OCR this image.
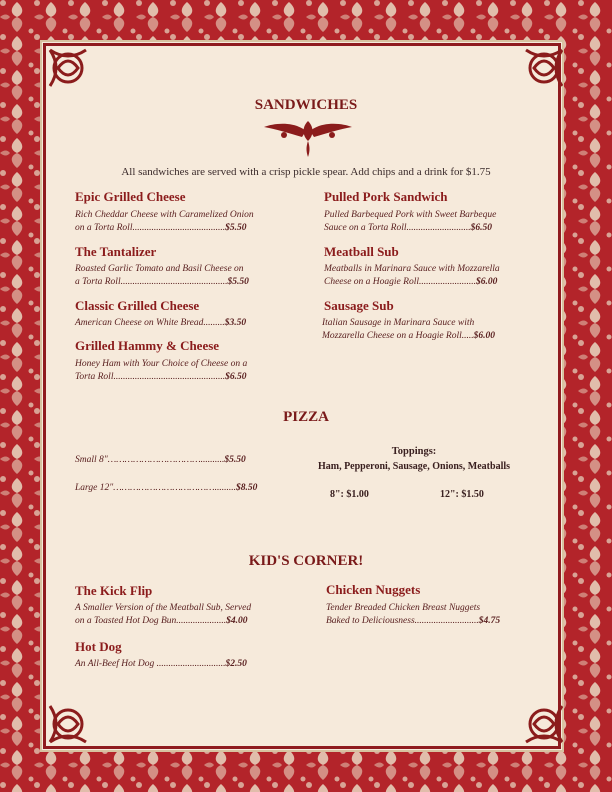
SANDWICHES
All sandwiches are served with a crisp pickle spear. Add chips and a drink for $1.75
Epic Grilled Cheese
Rich Cheddar Cheese with Caramelized Onion
on a Torta Roll.......................................$5.50
The Tantalizer
Roasted Garlic Tomato and Basil Cheese on
a Torta Roll.............................................$5.50
Classic Grilled Cheese
American Cheese on White Bread.........$3.50
Grilled Hammy & Cheese
Honey Ham with Your Choice of Cheese on a
Torta Roll...............................................$6.50
Pulled Pork Sandwich
Pulled Barbequed Pork with Sweet Barbeque
Sauce on a Torta Roll...........................$6.50
Meatball Sub
Meatballs in Marinara Sauce with Mozzarella
Cheese on a Hoagie Roll........................$6.00
Sausage Sub
Italian Sausage in Marinara Sauce with
Mozzarella Cheese on a Hoagie Roll.....$6.00
PIZZA
Small 8"……………………………..........$5.50
Large 12"……………………………….........$8.50
Toppings:
Ham, Pepperoni, Sausage, Onions, Meatballs
8": $1.00	12": $1.50
KID'S CORNER!
The Kick Flip
A Smaller Version of the Meatball Sub, Served
on a Toasted Hot Dog Bun.....................$4.00
Chicken Nuggets
Tender Breaded Chicken Breast Nuggets
Baked to Deliciousness...........................$4.75
Hot Dog
An All-Beef Hot Dog .............................$2.50
